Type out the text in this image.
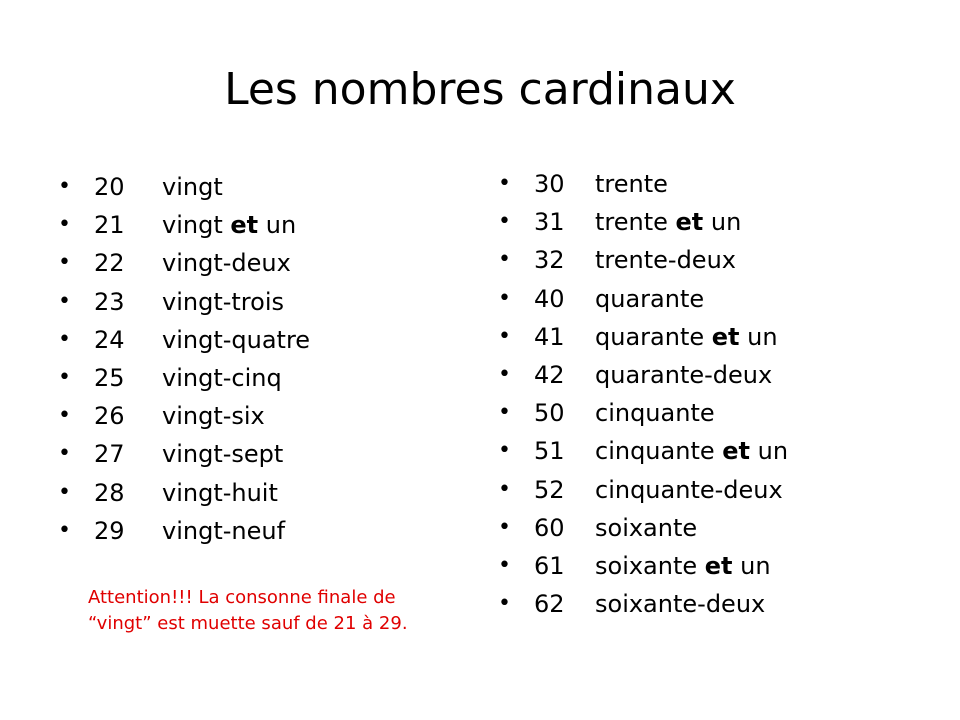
Les nombres cardinaux
• 20 vingt
• 21 vingt et un
• 22 vingt-deux
• 23 vingt-trois
• 24 vingt-quatre
• 25 vingt-cinq
• 26 vingt-six
• 27 vingt-sept
• 28 vingt-huit
• 29 vingt-neuf
• 30 trente
• 31 trente et un
• 32 trente-deux
• 40 quarante
• 41 quarante et un
• 42 quarante-deux
• 50 cinquante
• 51 cinquante et un
• 52 cinquante-deux
• 60 soixante
• 61 soixante et un
• 62 soixante-deux

Attention!!! La consonne finale de
“vingt” est muette sauf de 21 à 29.
